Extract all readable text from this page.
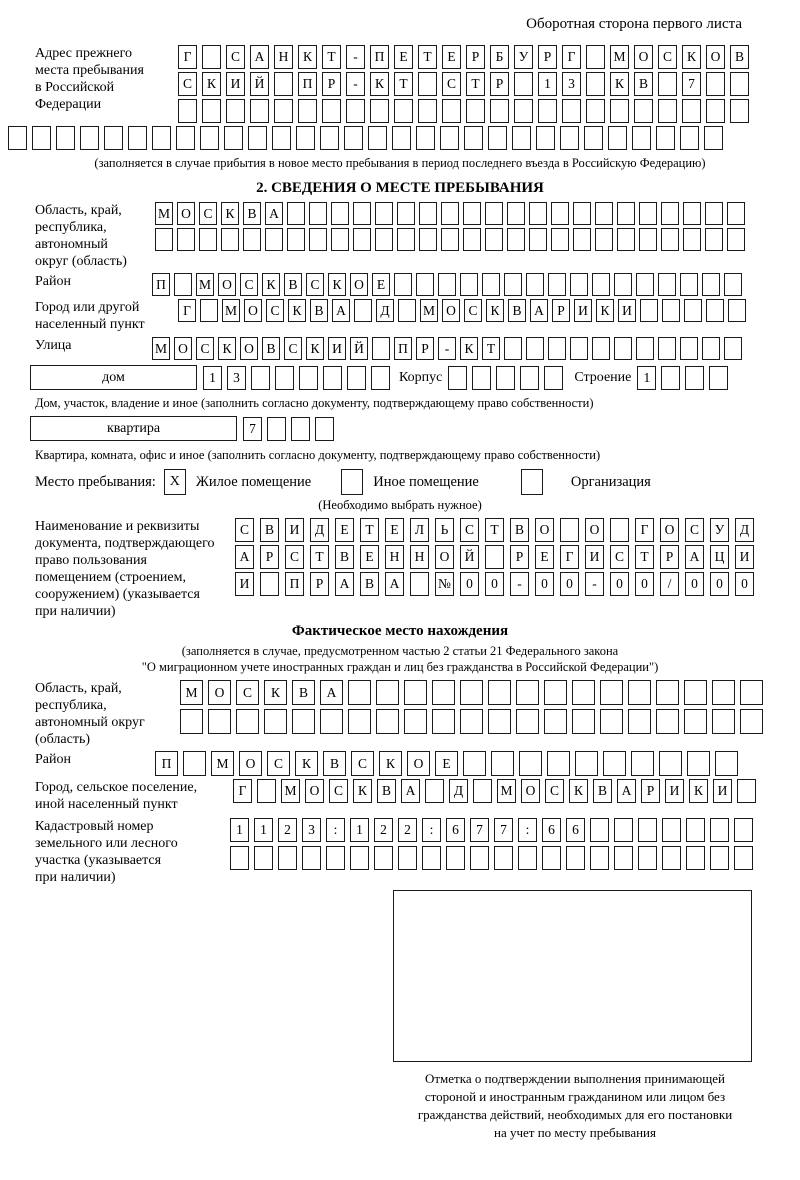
Оборотная сторона первого листа
Адрес прежнего
места пребывания
в Российской
Федерации
Г	С	А	Н	К	Т	-	П	Е	Т	Е	Р	Б	У	Р	Г	М О	С	К	О	В
С	К	И	Й	П	Р	-	К	Т	С	Т	Р	1	3	К	В	7
(заполняется в случае прибытия в новое место пребывания в период последнего въезда в Российскую Федерацию)
2. СВЕДЕНИЯ О МЕСТЕ ПРЕБЫВАНИЯ
Область, край,
республика,
автономный
округ (область)
М О С К В А
Район	П	М О С К В С К О Е
Город или другой
населенный пункт
Г	М О С К В А	Д	М О С К В А Р И К И
Улица	М О С К О В С К И Й	П Р	-	К Т
дом	1	3	Корпус	Строение 1
Дом, участок, владение и иное (заполнить согласно документу, подтверждающему право собственности)
квартира	7
Квартира, комната, офис и иное (заполнить согласно документу, подтверждающему право собственности)
Место пребывания: X	Жилое помещение	Иное помещение	Организация
(Необходимо выбрать нужное)
Наименование и реквизиты
документа, подтверждающего
право пользования
помещением (строением,
сооружением) (указывается
при наличии)
С	В	И	Д	Е	Т	Е	Л	Ь	С	Т	В	О	О	Г	О	С	У	Д
А	Р	С	Т	В	Е	Н	Н	О	Й	Р	Е	Г	И	С	Т	Р	А	Ц	И
И	П	Р	А	В	А	№	0	0	-	0	0	-	0	0	/	0	0	0
Фактическое место нахождения
(заполняется в случае, предусмотренном частью 2 статьи 21 Федерального закона
"О миграционном учете иностранных граждан и лиц без гражданства в Российской Федерации")
Область, край,
республика,
автономный округ
(область)
М	О	С	К	В	А
Район	П	М	О	С	К	В	С	К	О	Е
Город, сельское поселение,
иной населенный пункт
Г	М О	С	К	В	А	Д	М О	С	К	В	А	Р	И	К	И
Кадастровый номер
земельного или лесного
участка (указывается
при наличии)
1	1	2	3	:	1	2	2	:	6	7	7	:	6	6
Отметка о подтверждении выполнения принимающей
стороной и иностранным гражданином или лицом без
гражданства действий, необходимых для его постановки
на учет по месту пребывания
